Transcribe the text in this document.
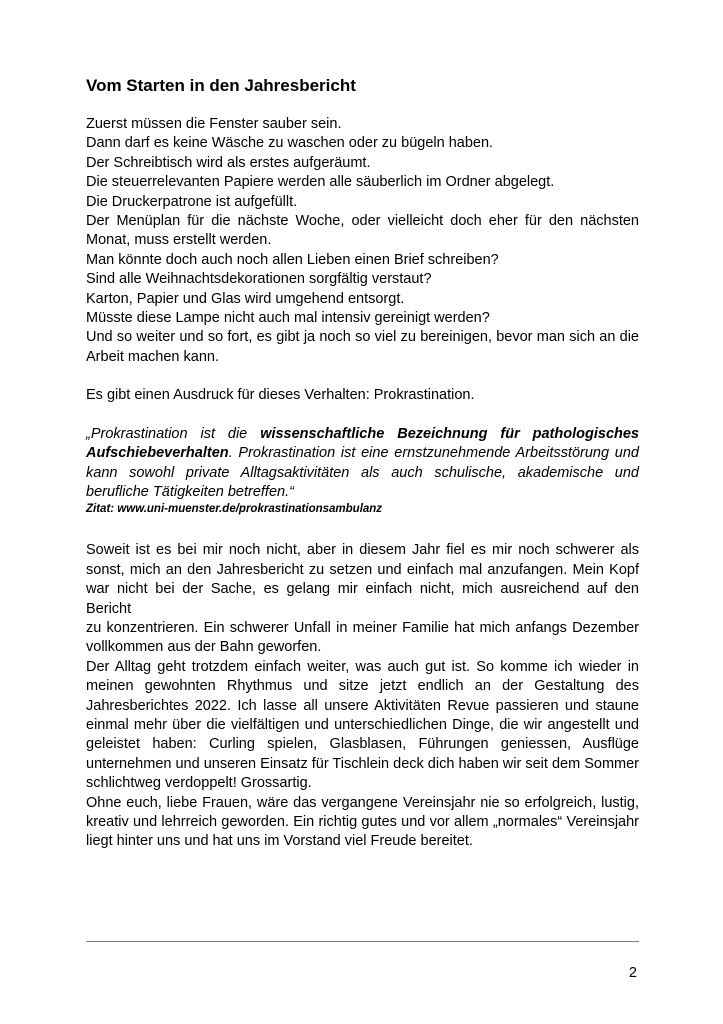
Vom Starten in den Jahresbericht
Zuerst müssen die Fenster sauber sein.
Dann darf es keine Wäsche zu waschen oder zu bügeln haben.
Der Schreibtisch wird als erstes aufgeräumt.
Die steuerrelevanten Papiere werden alle säuberlich im Ordner abgelegt.
Die Druckerpatrone ist aufgefüllt.
Der Menüplan für die nächste Woche, oder vielleicht doch eher für den nächsten
Monat, muss erstellt werden.
Man könnte doch auch noch allen Lieben einen Brief schreiben?
Sind alle Weihnachtsdekorationen sorgfältig verstaut?
Karton, Papier und Glas wird umgehend entsorgt.
Müsste diese Lampe nicht auch mal intensiv gereinigt werden?
Und so weiter und so fort, es gibt ja noch so viel zu bereinigen, bevor man sich an die
Arbeit machen kann.
Es gibt einen Ausdruck für dieses Verhalten: Prokrastination.
„Prokrastination ist die wissenschaftliche Bezeichnung für pathologisches
Aufschiebeverhalten. Prokrastination ist eine ernstzunehmende Arbeitsstörung und
kann sowohl private Alltagsaktivitäten als auch schulische, akademische und
berufliche Tätigkeiten betreffen.“
Zitat: www.uni-muenster.de/prokrastinationsambulanz
Soweit ist es bei mir noch nicht, aber in diesem Jahr fiel es mir noch schwerer als
sonst, mich an den Jahresbericht zu setzen und einfach mal anzufangen. Mein Kopf
war nicht bei der Sache, es gelang mir einfach nicht, mich ausreichend auf den Bericht
zu konzentrieren. Ein schwerer Unfall in meiner Familie hat mich anfangs Dezember
vollkommen aus der Bahn geworfen.
Der Alltag geht trotzdem einfach weiter, was auch gut ist. So komme ich wieder in
meinen gewohnten Rhythmus und sitze jetzt endlich an der Gestaltung des
Jahresberichtes 2022. Ich lasse all unsere Aktivitäten Revue passieren und staune
einmal mehr über die vielfältigen und unterschiedlichen Dinge, die wir angestellt und
geleistet haben: Curling spielen, Glasblasen, Führungen geniessen, Ausflüge
unternehmen und unseren Einsatz für Tischlein deck dich haben wir seit dem Sommer
schlichtweg verdoppelt! Grossartig.
Ohne euch, liebe Frauen, wäre das vergangene Vereinsjahr nie so erfolgreich, lustig,
kreativ und lehrreich geworden. Ein richtig gutes und vor allem „normales“ Vereinsjahr
liegt hinter uns und hat uns im Vorstand viel Freude bereitet.
2
